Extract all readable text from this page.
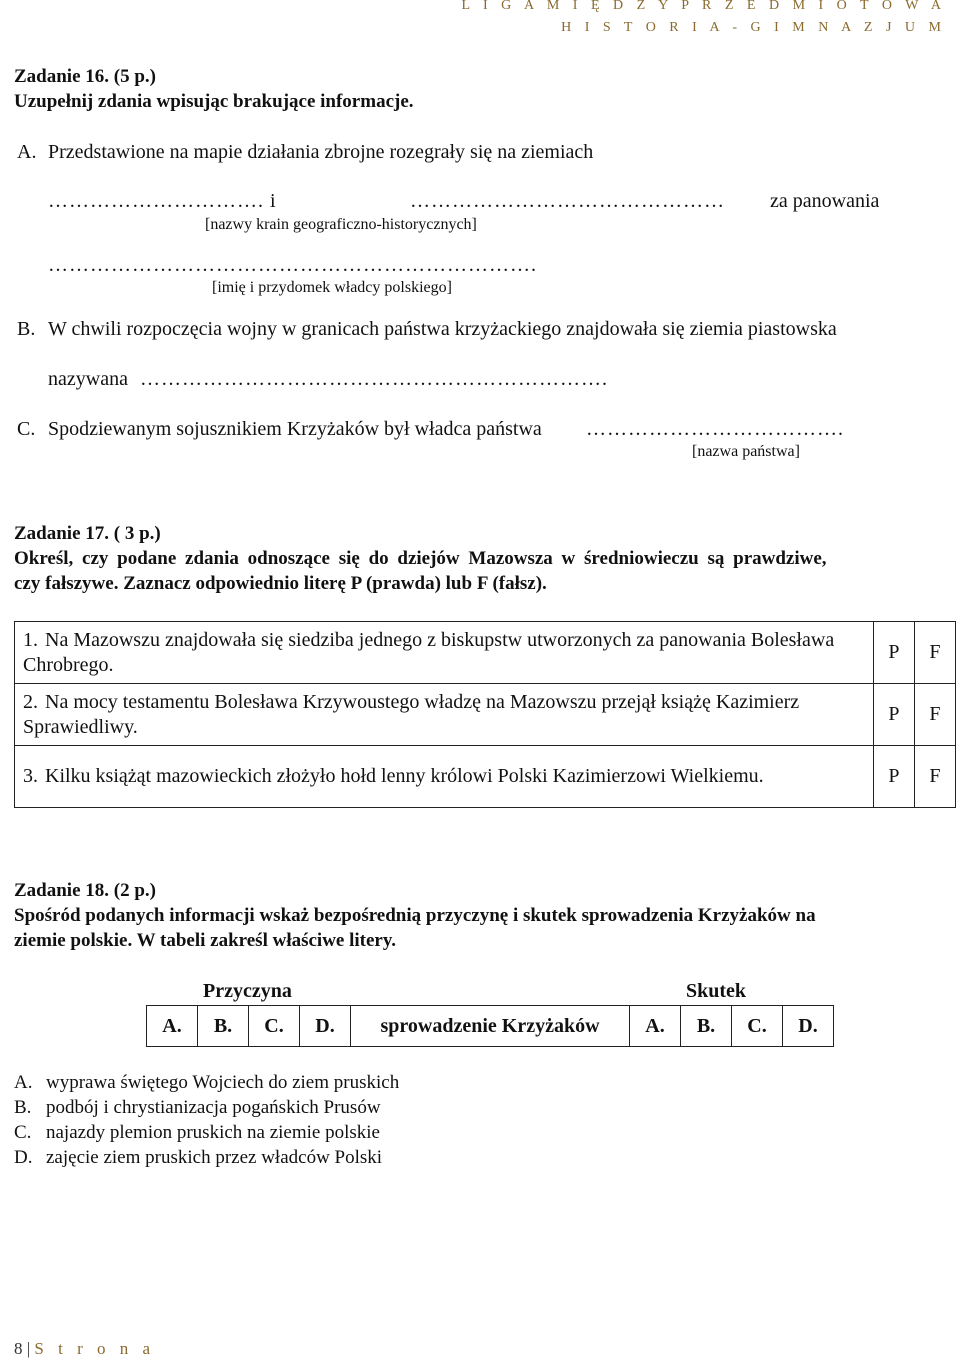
L I G A M I Ę D Z Y P R Z E D M I O T O W A
H I S T O R I A - G I M N A Z J U M
Zadanie 16. (5 p.)
Uzupełnij zdania wpisując brakujące informacje.
A. Przedstawione na mapie działania zbrojne rozegrały się na ziemiach
…………………………. i	……………………………………… za panowania
[nazwy krain geograficzno-historycznych]
…………………………………………………………….
[imię i przydomek władcy polskiego]
B. W chwili rozpoczęcia wojny w granicach państwa krzyżackiego znajdowała się ziemia piastowska
nazywana ………………………………………………………….
C. Spodziewanym sojusznikiem Krzyżaków był władca państwa ……………………………….
[nazwa państwa]
Zadanie 17. ( 3 p.)
Określ, czy podane zdania odnoszące się do dziejów Mazowsza w średniowieczu są prawdziwe,
czy fałszywe. Zaznacz odpowiednio literę P (prawda) lub F (fałsz).
1. Na Mazowszu znajdowała się siedziba jednego z biskupstw utworzonych za panowania Bolesława Chrobrego.	P	F
2. Na mocy testamentu Bolesława Krzywoustego władzę na Mazowszu przejął książę Kazimierz Sprawiedliwy.	P	F
3. Kilku książąt mazowieckich złożyło hołd lenny królowi Polski Kazimierzowi Wielkiemu.	P	F
Zadanie 18. (2 p.)
Spośród podanych informacji wskaż bezpośrednią przyczynę i skutek sprowadzenia Krzyżaków na
ziemie polskie. W tabeli zakreśl właściwe litery.
Przyczyna	Skutek
A.	B.	C.	D.	sprowadzenie Krzyżaków	A.	B.	C.	D.
A. wyprawa świętego Wojciech do ziem pruskich
B. podbój i chrystianizacja pogańskich Prusów
C. najazdy plemion pruskich na ziemie polskie
D. zajęcie ziem pruskich przez władców Polski
8 | S t r o n a
